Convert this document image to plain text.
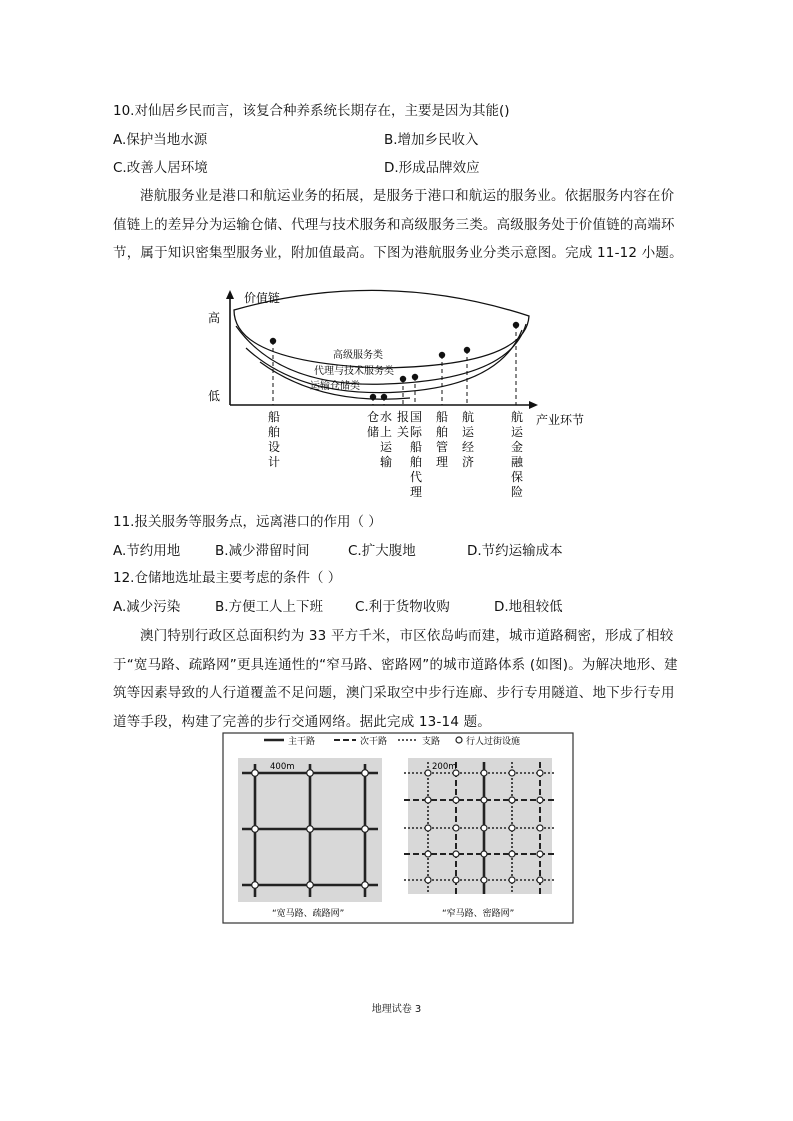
10.对仙居乡民而言，该复合种养系统长期存在，主要是因为其能()
A.保护当地水源	B.增加乡民收入
C.改善人居环境	D.形成品牌效应
港航服务业是港口和航运业务的拓展，是服务于港口和航运的服务业。依据服务内容在价值链上的差异分为运输仓储、代理与技术服务和高级服务三类。高级服务处于价值链的高端环节，属于知识密集型服务业，附加值最高。下图为港航服务业分类示意图。完成 11-12 小题。
价值链
高
低
产业环节
高级服务类
代理与技术服务类
运输仓储类
船舶设计
仓储
水上运输
报关
国际船舶代理
船舶管理
航运经济
航运金融保险
11.报关服务等服务点，远离港口的作用（ ）
A.节约用地	B.减少滞留时间	C.扩大腹地	D.节约运输成本
12.仓储地选址最主要考虑的条件（ ）
A.减少污染	B.方便工人上下班 C.利于货物收购	D.地租较低
澳门特别行政区总面积约为 33 平方千米，市区依岛屿而建，城市道路稠密，形成了相较于“宽马路、疏路网”更具连通性的“窄马路、密路网”的城市道路体系 (如图)。为解决地形、建筑等因素导致的人行道覆盖不足问题，澳门采取空中步行连廊、步行专用隧道、地下步行专用道等手段，构建了完善的步行交通网络。据此完成 13-14 题。
主干路	次干路	支路	行人过街设施
400m
“宽马路、疏路网”
200m
“窄马路、密路网”
地理试卷 3
